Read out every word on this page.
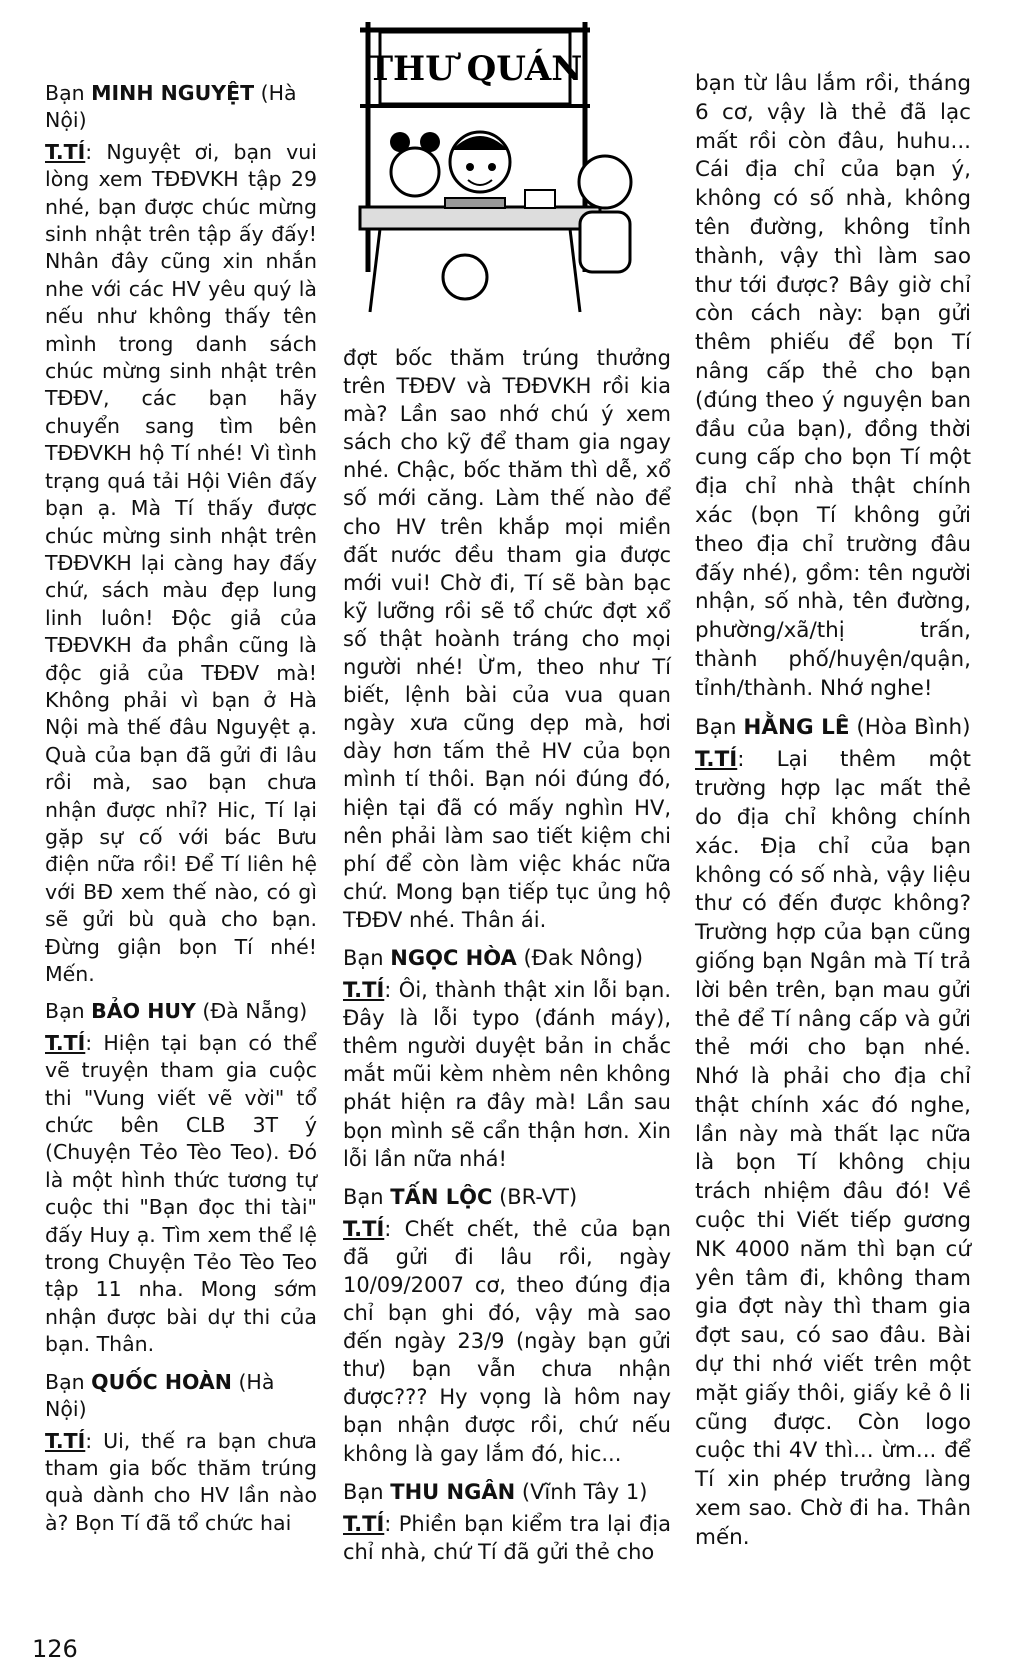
THƯ QUÁN
Bạn MINH NGUYỆT (Hà Nội)

T.TÍ: Nguyệt ơi, bạn vui lòng xem TĐĐVKH tập 29 nhé, bạn được chúc mừng sinh nhật trên tập ấy đấy! Nhân đây cũng xin nhắn nhe với các HV yêu quý là nếu như không thấy tên mình trong danh sách chúc mừng sinh nhật trên TĐĐV, các bạn hãy chuyển sang tìm bên TĐĐVKH hộ Tí nhé! Vì tình trạng quá tải Hội Viên đấy bạn ạ. Mà Tí thấy được chúc mừng sinh nhật trên TĐĐVKH lại càng hay đấy chứ, sách màu đẹp lung linh luôn! Độc giả của TĐĐVKH đa phần cũng là độc giả của TĐĐV mà! Không phải vì bạn ở Hà Nội mà thế đâu Nguyệt ạ. Quà của bạn đã gửi đi lâu rồi mà, sao bạn chưa nhận được nhỉ? Hic, Tí lại gặp sự cố với bác Bưu điện nữa rồi! Để Tí liên hệ với BĐ xem thế nào, có gì sẽ gửi bù quà cho bạn. Đừng giận bọn Tí nhé! Mến.

Bạn BẢO HUY (Đà Nẵng)

T.TÍ: Hiện tại bạn có thể vẽ truyện tham gia cuộc thi "Vung viết vẽ vời" tổ chức bên CLB 3T ý (Chuyện Tẻo Tèo Teo). Đó là một hình thức tương tự cuộc thi "Bạn đọc thi tài" đấy Huy ạ. Tìm xem thể lệ trong Chuyện Tẻo Tèo Teo tập 11 nha. Mong sớm nhận được bài dự thi của bạn. Thân.

Bạn QUỐC HOÀN (Hà Nội)

T.TÍ: Ui, thế ra bạn chưa tham gia bốc thăm trúng quà dành cho HV lần nào à? Bọn Tí đã tổ chức hai

đợt bốc thăm trúng thưởng trên TĐĐV và TĐĐVKH rồi kia mà? Lần sao nhớ chú ý xem sách cho kỹ để tham gia ngay nhé. Chậc, bốc thăm thì dễ, xổ số mới căng. Làm thế nào để cho HV trên khắp mọi miền đất nước đều tham gia được mới vui! Chờ đi, Tí sẽ bàn bạc kỹ lưỡng rồi sẽ tổ chức đợt xổ số thật hoành tráng cho mọi người nhé! Ừm, theo như Tí biết, lệnh bài của vua quan ngày xưa cũng dẹp mà, hơi dày hơn tấm thẻ HV của bọn mình tí thôi. Bạn nói đúng đó, hiện tại đã có mấy nghìn HV, nên phải làm sao tiết kiệm chi phí để còn làm việc khác nữa chứ. Mong bạn tiếp tục ủng hộ TĐĐV nhé. Thân ái.

Bạn NGỌC HÒA (Đak Nông)

T.TÍ: Ôi, thành thật xin lỗi bạn. Đây là lỗi typo (đánh máy), thêm người duyệt bản in chắc mắt mũi kèm nhèm nên không phát hiện ra đây mà! Lần sau bọn mình sẽ cẩn thận hơn. Xin lỗi lần nữa nhá!

Bạn TẤN LỘC (BR-VT)

T.TÍ: Chết chết, thẻ của bạn đã gửi đi lâu rồi, ngày 10/09/2007 cơ, theo đúng địa chỉ bạn ghi đó, vậy mà sao đến ngày 23/9 (ngày bạn gửi thư) bạn vẫn chưa nhận được??? Hy vọng là hôm nay bạn nhận được rồi, chứ nếu không là gay lắm đó, hic...

Bạn THU NGÂN (Vĩnh Tây 1)

T.TÍ: Phiền bạn kiểm tra lại địa chỉ nhà, chứ Tí đã gửi thẻ cho

bạn từ lâu lắm rồi, tháng 6 cơ, vậy là thẻ đã lạc mất rồi còn đâu, huhu... Cái địa chỉ của bạn ý, không có số nhà, không tên đường, không tỉnh thành, vậy thì làm sao thư tới được? Bây giờ chỉ còn cách này: bạn gửi thêm phiếu để bọn Tí nâng cấp thẻ cho bạn (đúng theo ý nguyện ban đầu của bạn), đồng thời cung cấp cho bọn Tí một địa chỉ nhà thật chính xác (bọn Tí không gửi theo địa chỉ trường đâu đấy nhé), gồm: tên người nhận, số nhà, tên đường, phường/xã/thị trấn, thành phố/huyện/quận, tỉnh/thành. Nhớ nghe!

Bạn HẰNG LÊ (Hòa Bình)

T.TÍ: Lại thêm một trường hợp lạc mất thẻ do địa chỉ không chính xác. Địa chỉ của bạn không có số nhà, vậy liệu thư có đến được không? Trường hợp của bạn cũng giống bạn Ngân mà Tí trả lời bên trên, bạn mau gửi thẻ để Tí nâng cấp và gửi thẻ mới cho bạn nhé. Nhớ là phải cho địa chỉ thật chính xác đó nghe, lần này mà thất lạc nữa là bọn Tí không chịu trách nhiệm đâu đó! Về cuộc thi Viết tiếp gương NK 4000 năm thì bạn cứ yên tâm đi, không tham gia đợt này thì tham gia đợt sau, có sao đâu. Bài dự thi nhớ viết trên một mặt giấy thôi, giấy kẻ ô li cũng được. Còn logo cuộc thi 4V thì... ừm... để Tí xin phép trưởng làng xem sao. Chờ đi ha. Thân mến.

126
